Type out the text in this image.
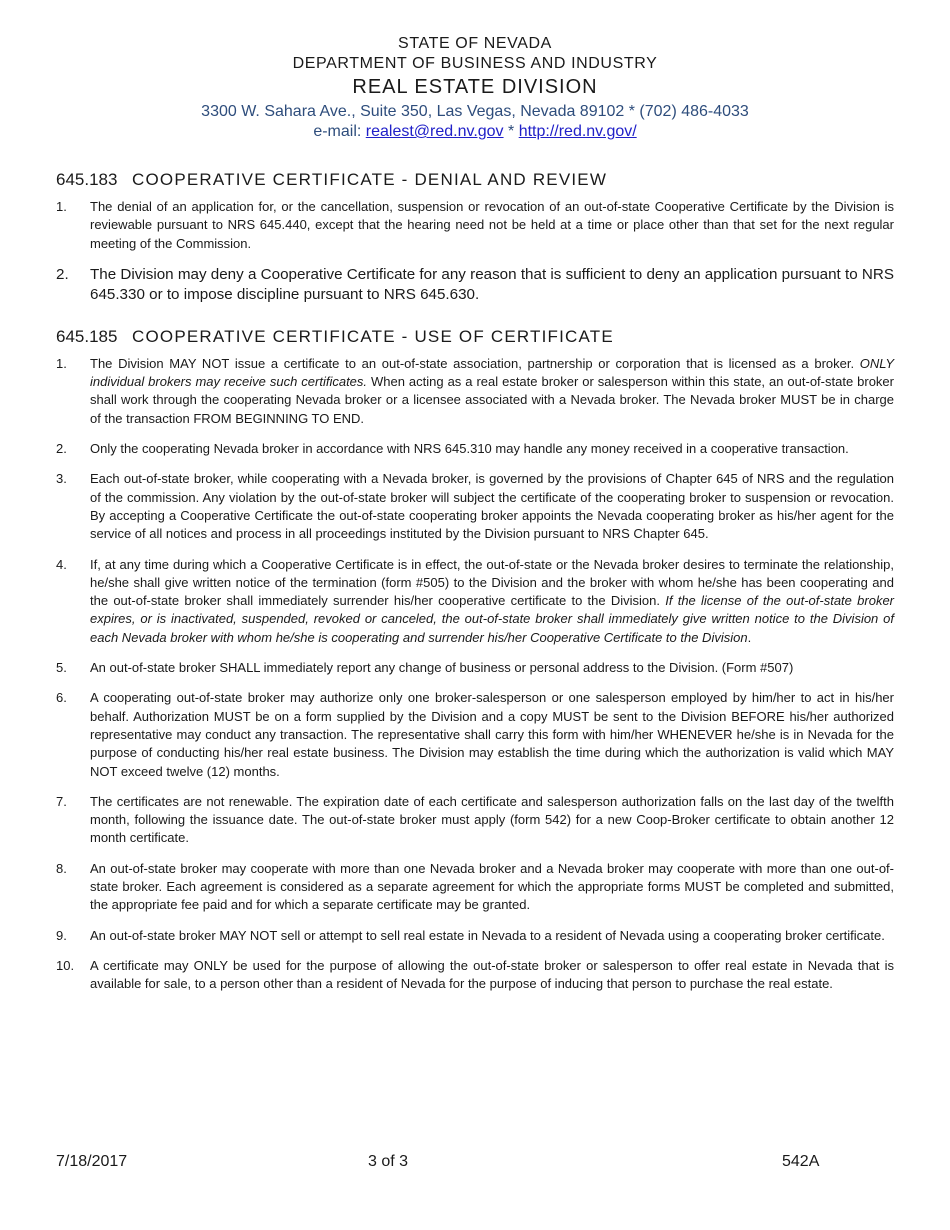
STATE OF NEVADA
DEPARTMENT OF BUSINESS AND INDUSTRY
REAL ESTATE DIVISION
3300 W. Sahara Ave., Suite 350, Las Vegas, Nevada 89102 * (702) 486-4033
e-mail: realest@red.nv.gov * http://red.nv.gov/
645.183 COOPERATIVE CERTIFICATE - DENIAL AND REVIEW
1.	The denial of an application for, or the cancellation, suspension or revocation of an out-of-state Cooperative Certificate by the Division is reviewable pursuant to NRS 645.440, except that the hearing need not be held at a time or place other than that set for the next regular meeting of the Commission.
2.	The Division may deny a Cooperative Certificate for any reason that is sufficient to deny an application pursuant to NRS 645.330 or to impose discipline pursuant to NRS 645.630.
645.185 COOPERATIVE CERTIFICATE - USE OF CERTIFICATE
1.	The Division MAY NOT issue a certificate to an out-of-state association, partnership or corporation that is licensed as a broker. ONLY individual brokers may receive such certificates. When acting as a real estate broker or salesperson within this state, an out-of-state broker shall work through the cooperating Nevada broker or a licensee associated with a Nevada broker. The Nevada broker MUST be in charge of the transaction FROM BEGINNING TO END.
2.	Only the cooperating Nevada broker in accordance with NRS 645.310 may handle any money received in a cooperative transaction.
3.	Each out-of-state broker, while cooperating with a Nevada broker, is governed by the provisions of Chapter 645 of NRS and the regulation of the commission. Any violation by the out-of-state broker will subject the certificate of the cooperating broker to suspension or revocation. By accepting a Cooperative Certificate the out-of-state cooperating broker appoints the Nevada cooperating broker as his/her agent for the service of all notices and process in all proceedings instituted by the Division pursuant to NRS Chapter 645.
4.	If, at any time during which a Cooperative Certificate is in effect, the out-of-state or the Nevada broker desires to terminate the relationship, he/she shall give written notice of the termination (form #505) to the Division and the broker with whom he/she has been cooperating and the out-of-state broker shall immediately surrender his/her cooperative certificate to the Division. If the license of the out-of-state broker expires, or is inactivated, suspended, revoked or canceled, the out-of-state broker shall immediately give written notice to the Division of each Nevada broker with whom he/she is cooperating and surrender his/her Cooperative Certificate to the Division.
5.	An out-of-state broker SHALL immediately report any change of business or personal address to the Division. (Form #507)
6.	A cooperating out-of-state broker may authorize only one broker-salesperson or one salesperson employed by him/her to act in his/her behalf. Authorization MUST be on a form supplied by the Division and a copy MUST be sent to the Division BEFORE his/her authorized representative may conduct any transaction. The representative shall carry this form with him/her WHENEVER he/she is in Nevada for the purpose of conducting his/her real estate business. The Division may establish the time during which the authorization is valid which MAY NOT exceed twelve (12) months.
7.	The certificates are not renewable. The expiration date of each certificate and salesperson authorization falls on the last day of the twelfth month, following the issuance date. The out-of-state broker must apply (form 542) for a new Coop-Broker certificate to obtain another 12 month certificate.
8.	An out-of-state broker may cooperate with more than one Nevada broker and a Nevada broker may cooperate with more than one out-of-state broker. Each agreement is considered as a separate agreement for which the appropriate forms MUST be completed and submitted, the appropriate fee paid and for which a separate certificate may be granted.
9.	An out-of-state broker MAY NOT sell or attempt to sell real estate in Nevada to a resident of Nevada using a cooperating broker certificate.
10.	A certificate may ONLY be used for the purpose of allowing the out-of-state broker or salesperson to offer real estate in Nevada that is available for sale, to a person other than a resident of Nevada for the purpose of inducing that person to purchase the real estate.
7/18/2017	3 of 3	542A
